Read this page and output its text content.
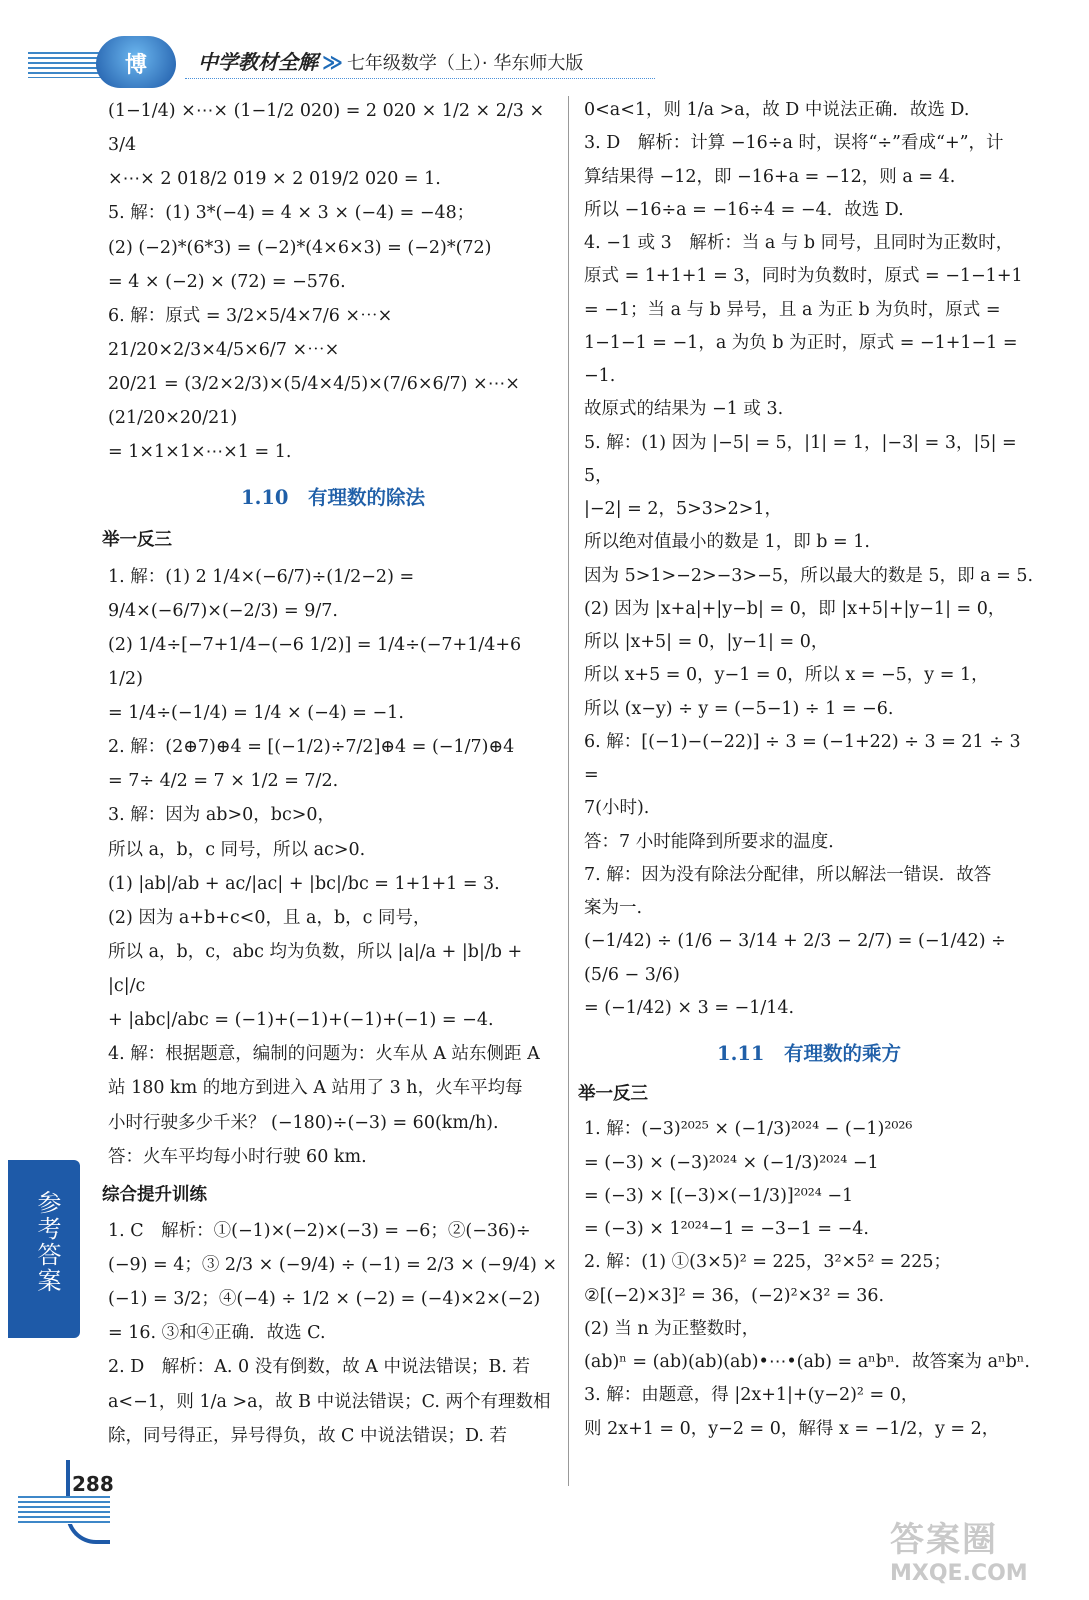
博	中学教材全解 ≫ 七年级数学（上）· 华东师大版
(1−1/4) ×⋯× (1−1/2 020) = 2 020 × 1/2 × 2/3 × 3/4
×⋯× 2 018/2 019 × 2 019/2 020 = 1.
5. 解：(1) 3*(−4) = 4 × 3 × (−4) = −48；
(2) (−2)*(6*3) = (−2)*(4×6×3) = (−2)*(72)
= 4 × (−2) × (72) = −576.
6. 解：原式 = 3/2×5/4×7/6 ×⋯× 21/20×2/3×4/5×6/7 ×⋯×
20/21 = (3/2×2/3)×(5/4×4/5)×(7/6×6/7) ×⋯× (21/20×20/21)
= 1×1×1×⋯×1 = 1.
1.10　有理数的除法
举一反三
1. 解：(1) 2 1/4×(−6/7)÷(1/2−2) = 9/4×(−6/7)×(−2/3) = 9/7.
(2) 1/4÷[−7+1/4−(−6 1/2)] = 1/4÷(−7+1/4+6 1/2)
= 1/4÷(−1/4) = 1/4 × (−4) = −1.
2. 解：(2⊕7)⊕4 = [(−1/2)÷7/2]⊕4 = (−1/7)⊕4
= 7÷ 4/2 = 7 × 1/2 = 7/2.
3. 解：因为 ab>0，bc>0，
所以 a，b，c 同号，所以 ac>0.
(1) |ab|/ab + ac/|ac| + |bc|/bc = 1+1+1 = 3.
(2) 因为 a+b+c<0，且 a，b，c 同号，
所以 a，b，c，abc 均为负数，所以 |a|/a + |b|/b + |c|/c
+ |abc|/abc = (−1)+(−1)+(−1)+(−1) = −4.
4. 解：根据题意，编制的问题为：火车从 A 站东侧距 A
站 180 km 的地方到进入 A 站用了 3 h，火车平均每
小时行驶多少千米？ (−180)÷(−3) = 60(km/h).
答：火车平均每小时行驶 60 km.
综合提升训练
1. C　解析：①(−1)×(−2)×(−3) = −6；②(−36)÷
(−9) = 4；③ 2/3 × (−9/4) ÷ (−1) = 2/3 × (−9/4) ×
(−1) = 3/2；④(−4) ÷ 1/2 × (−2) = (−4)×2×(−2)
= 16. ③和④正确．故选 C.
2. D　解析：A. 0 没有倒数，故 A 中说法错误；B. 若
a<−1，则 1/a >a，故 B 中说法错误；C. 两个有理数相
除，同号得正，异号得负，故 C 中说法错误；D. 若
0<a<1，则 1/a >a，故 D 中说法正确．故选 D.
3. D　解析：计算 −16÷a 时，误将“÷”看成“+”，计
算结果得 −12，即 −16+a = −12，则 a = 4.
所以 −16÷a = −16÷4 = −4．故选 D.
4. −1 或 3　解析：当 a 与 b 同号，且同时为正数时，
原式 = 1+1+1 = 3，同时为负数时，原式 = −1−1+1
= −1；当 a 与 b 异号，且 a 为正 b 为负时，原式 =
1−1−1 = −1，a 为负 b 为正时，原式 = −1+1−1 = −1.
故原式的结果为 −1 或 3.
5. 解：(1) 因为 |−5| = 5，|1| = 1，|−3| = 3，|5| = 5，
|−2| = 2，5>3>2>1，
所以绝对值最小的数是 1，即 b = 1.
因为 5>1>−2>−3>−5，所以最大的数是 5，即 a = 5.
(2) 因为 |x+a|+|y−b| = 0，即 |x+5|+|y−1| = 0，
所以 |x+5| = 0，|y−1| = 0，
所以 x+5 = 0，y−1 = 0，所以 x = −5，y = 1，
所以 (x−y) ÷ y = (−5−1) ÷ 1 = −6.
6. 解：[(−1)−(−22)] ÷ 3 = (−1+22) ÷ 3 = 21 ÷ 3 =
7(小时).
答：7 小时能降到所要求的温度．
7. 解：因为没有除法分配律，所以解法一错误．故答
案为一.
(−1/42) ÷ (1/6 − 3/14 + 2/3 − 2/7) = (−1/42) ÷ (5/6 − 3/6)
= (−1/42) × 3 = −1/14.
1.11　有理数的乘方
举一反三
1. 解：(−3)²⁰²⁵ × (−1/3)²⁰²⁴ − (−1)²⁰²⁶
= (−3) × (−3)²⁰²⁴ × (−1/3)²⁰²⁴ −1
= (−3) × [(−3)×(−1/3)]²⁰²⁴ −1
= (−3) × 1²⁰²⁴−1 = −3−1 = −4.
2. 解：(1) ①(3×5)² = 225，3²×5² = 225；
②[(−2)×3]² = 36，(−2)²×3² = 36.
(2) 当 n 为正整数时，
(ab)ⁿ = (ab)(ab)(ab)•⋯•(ab) = aⁿbⁿ．故答案为 aⁿbⁿ.
3. 解：由题意，得 |2x+1|+(y−2)² = 0，
则 2x+1 = 0，y−2 = 0，解得 x = −1/2，y = 2，
参考答案
288
答案圈
MXQE.COM
